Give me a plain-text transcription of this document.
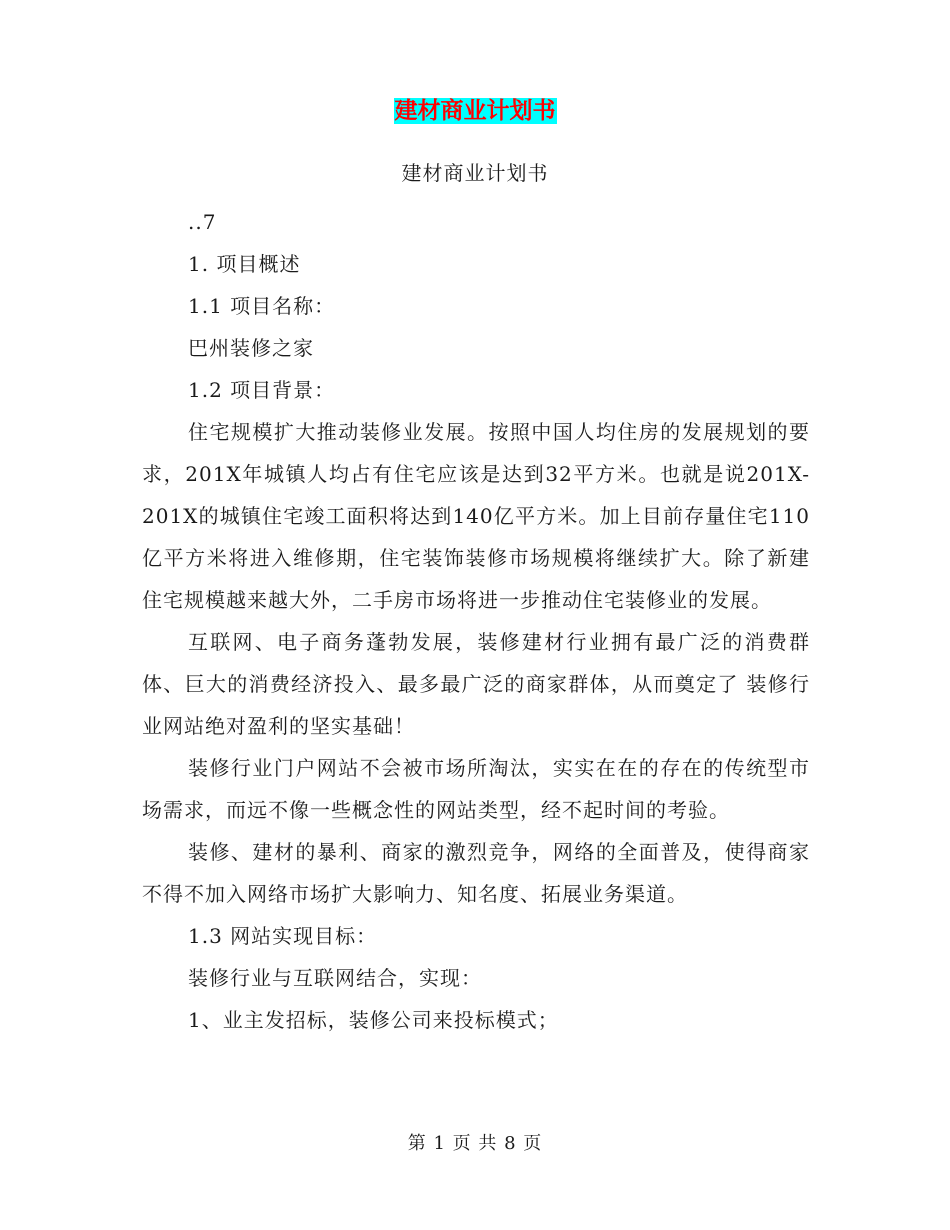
建材商业计划书
建材商业计划书

..7

1. 项目概述

1.1 项目名称：

巴州装修之家

1.2 项目背景：

住宅规模扩大推动装修业发展。按照中国人均住房的发展规划的要求，201X年城镇人均占有住宅应该是达到32平方米。也就是说201X-201X的城镇住宅竣工面积将达到140亿平方米。加上目前存量住宅110亿平方米将进入维修期，住宅装饰装修市场规模将继续扩大。除了新建住宅规模越来越大外，二手房市场将进一步推动住宅装修业的发展。

互联网、电子商务蓬勃发展，装修建材行业拥有最广泛的消费群体、巨大的消费经济投入、最多最广泛的商家群体，从而奠定了 装修行业网站绝对盈利的坚实基础！

装修行业门户网站不会被市场所淘汰，实实在在的存在的传统型市场需求，而远不像一些概念性的网站类型，经不起时间的考验。

装修、建材的暴利、商家的激烈竞争，网络的全面普及，使得商家不得不加入网络市场扩大影响力、知名度、拓展业务渠道。

1.3 网站实现目标：

装修行业与互联网结合，实现：

1、业主发招标，装修公司来投标模式；

第 1 页 共 8 页
